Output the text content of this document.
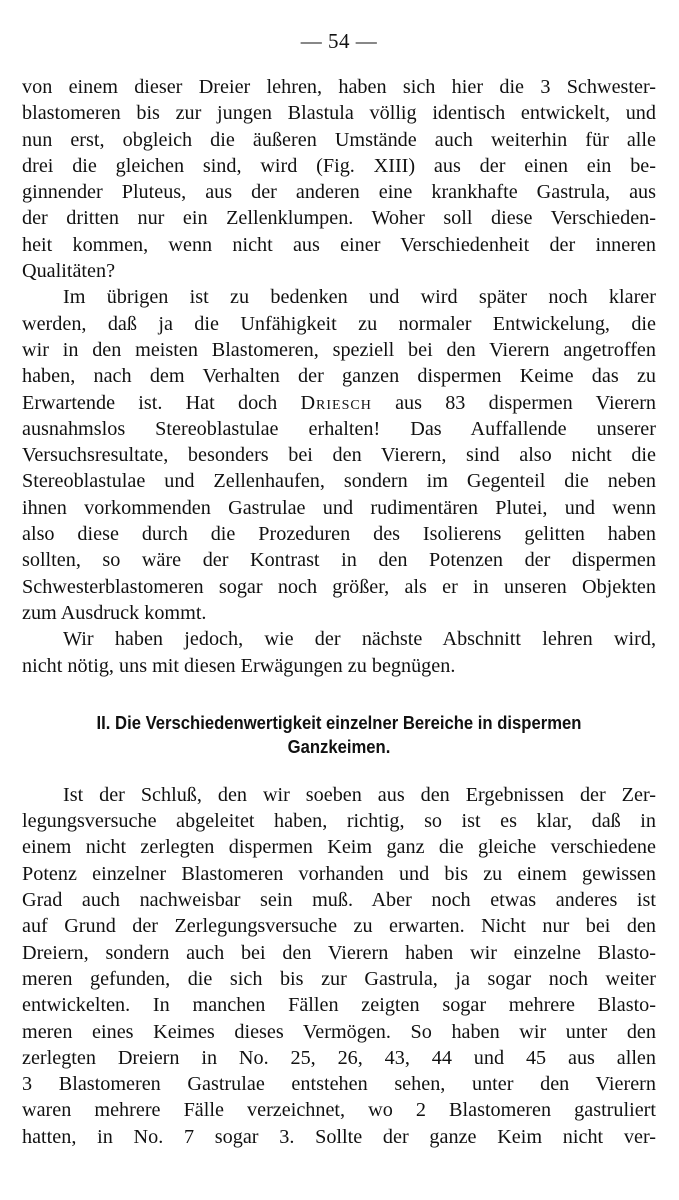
— 54 —
von einem dieser Dreier lehren, haben sich hier die 3 Schwester-
blastomeren bis zur jungen Blastula völlig identisch entwickelt, und
nun erst, obgleich die äußeren Umstände auch weiterhin für alle
drei die gleichen sind, wird (Fig. XIII) aus der einen ein be-
ginnender Pluteus, aus der anderen eine krankhafte Gastrula, aus
der dritten nur ein Zellenklumpen. Woher soll diese Verschieden-
heit kommen, wenn nicht aus einer Verschiedenheit der inneren
Qualitäten?
Im übrigen ist zu bedenken und wird später noch klarer
werden, daß ja die Unfähigkeit zu normaler Entwickelung, die
wir in den meisten Blastomeren, speziell bei den Vierern angetroffen
haben, nach dem Verhalten der ganzen dispermen Keime das zu
Erwartende ist. Hat doch Driesch aus 83 dispermen Vierern
ausnahmslos Stereoblastulae erhalten! Das Auffallende unserer
Versuchsresultate, besonders bei den Vierern, sind also nicht die
Stereoblastulae und Zellenhaufen, sondern im Gegenteil die neben
ihnen vorkommenden Gastrulae und rudimentären Plutei, und wenn
also diese durch die Prozeduren des Isolierens gelitten haben
sollten, so wäre der Kontrast in den Potenzen der dispermen
Schwesterblastomeren sogar noch größer, als er in unseren Objekten
zum Ausdruck kommt.
Wir haben jedoch, wie der nächste Abschnitt lehren wird,
nicht nötig, uns mit diesen Erwägungen zu begnügen.
II. Die Verschiedenwertigkeit einzelner Bereiche in dispermen
Ganzkeimen.
Ist der Schluß, den wir soeben aus den Ergebnissen der Zer-
legungsversuche abgeleitet haben, richtig, so ist es klar, daß in
einem nicht zerlegten dispermen Keim ganz die gleiche verschiedene
Potenz einzelner Blastomeren vorhanden und bis zu einem gewissen
Grad auch nachweisbar sein muß. Aber noch etwas anderes ist
auf Grund der Zerlegungsversuche zu erwarten. Nicht nur bei den
Dreiern, sondern auch bei den Vierern haben wir einzelne Blasto-
meren gefunden, die sich bis zur Gastrula, ja sogar noch weiter
entwickelten. In manchen Fällen zeigten sogar mehrere Blasto-
meren eines Keimes dieses Vermögen. So haben wir unter den
zerlegten Dreiern in No. 25, 26, 43, 44 und 45 aus allen
3 Blastomeren Gastrulae entstehen sehen, unter den Vierern
waren mehrere Fälle verzeichnet, wo 2 Blastomeren gastruliert
hatten, in No. 7 sogar 3. Sollte der ganze Keim nicht ver-
